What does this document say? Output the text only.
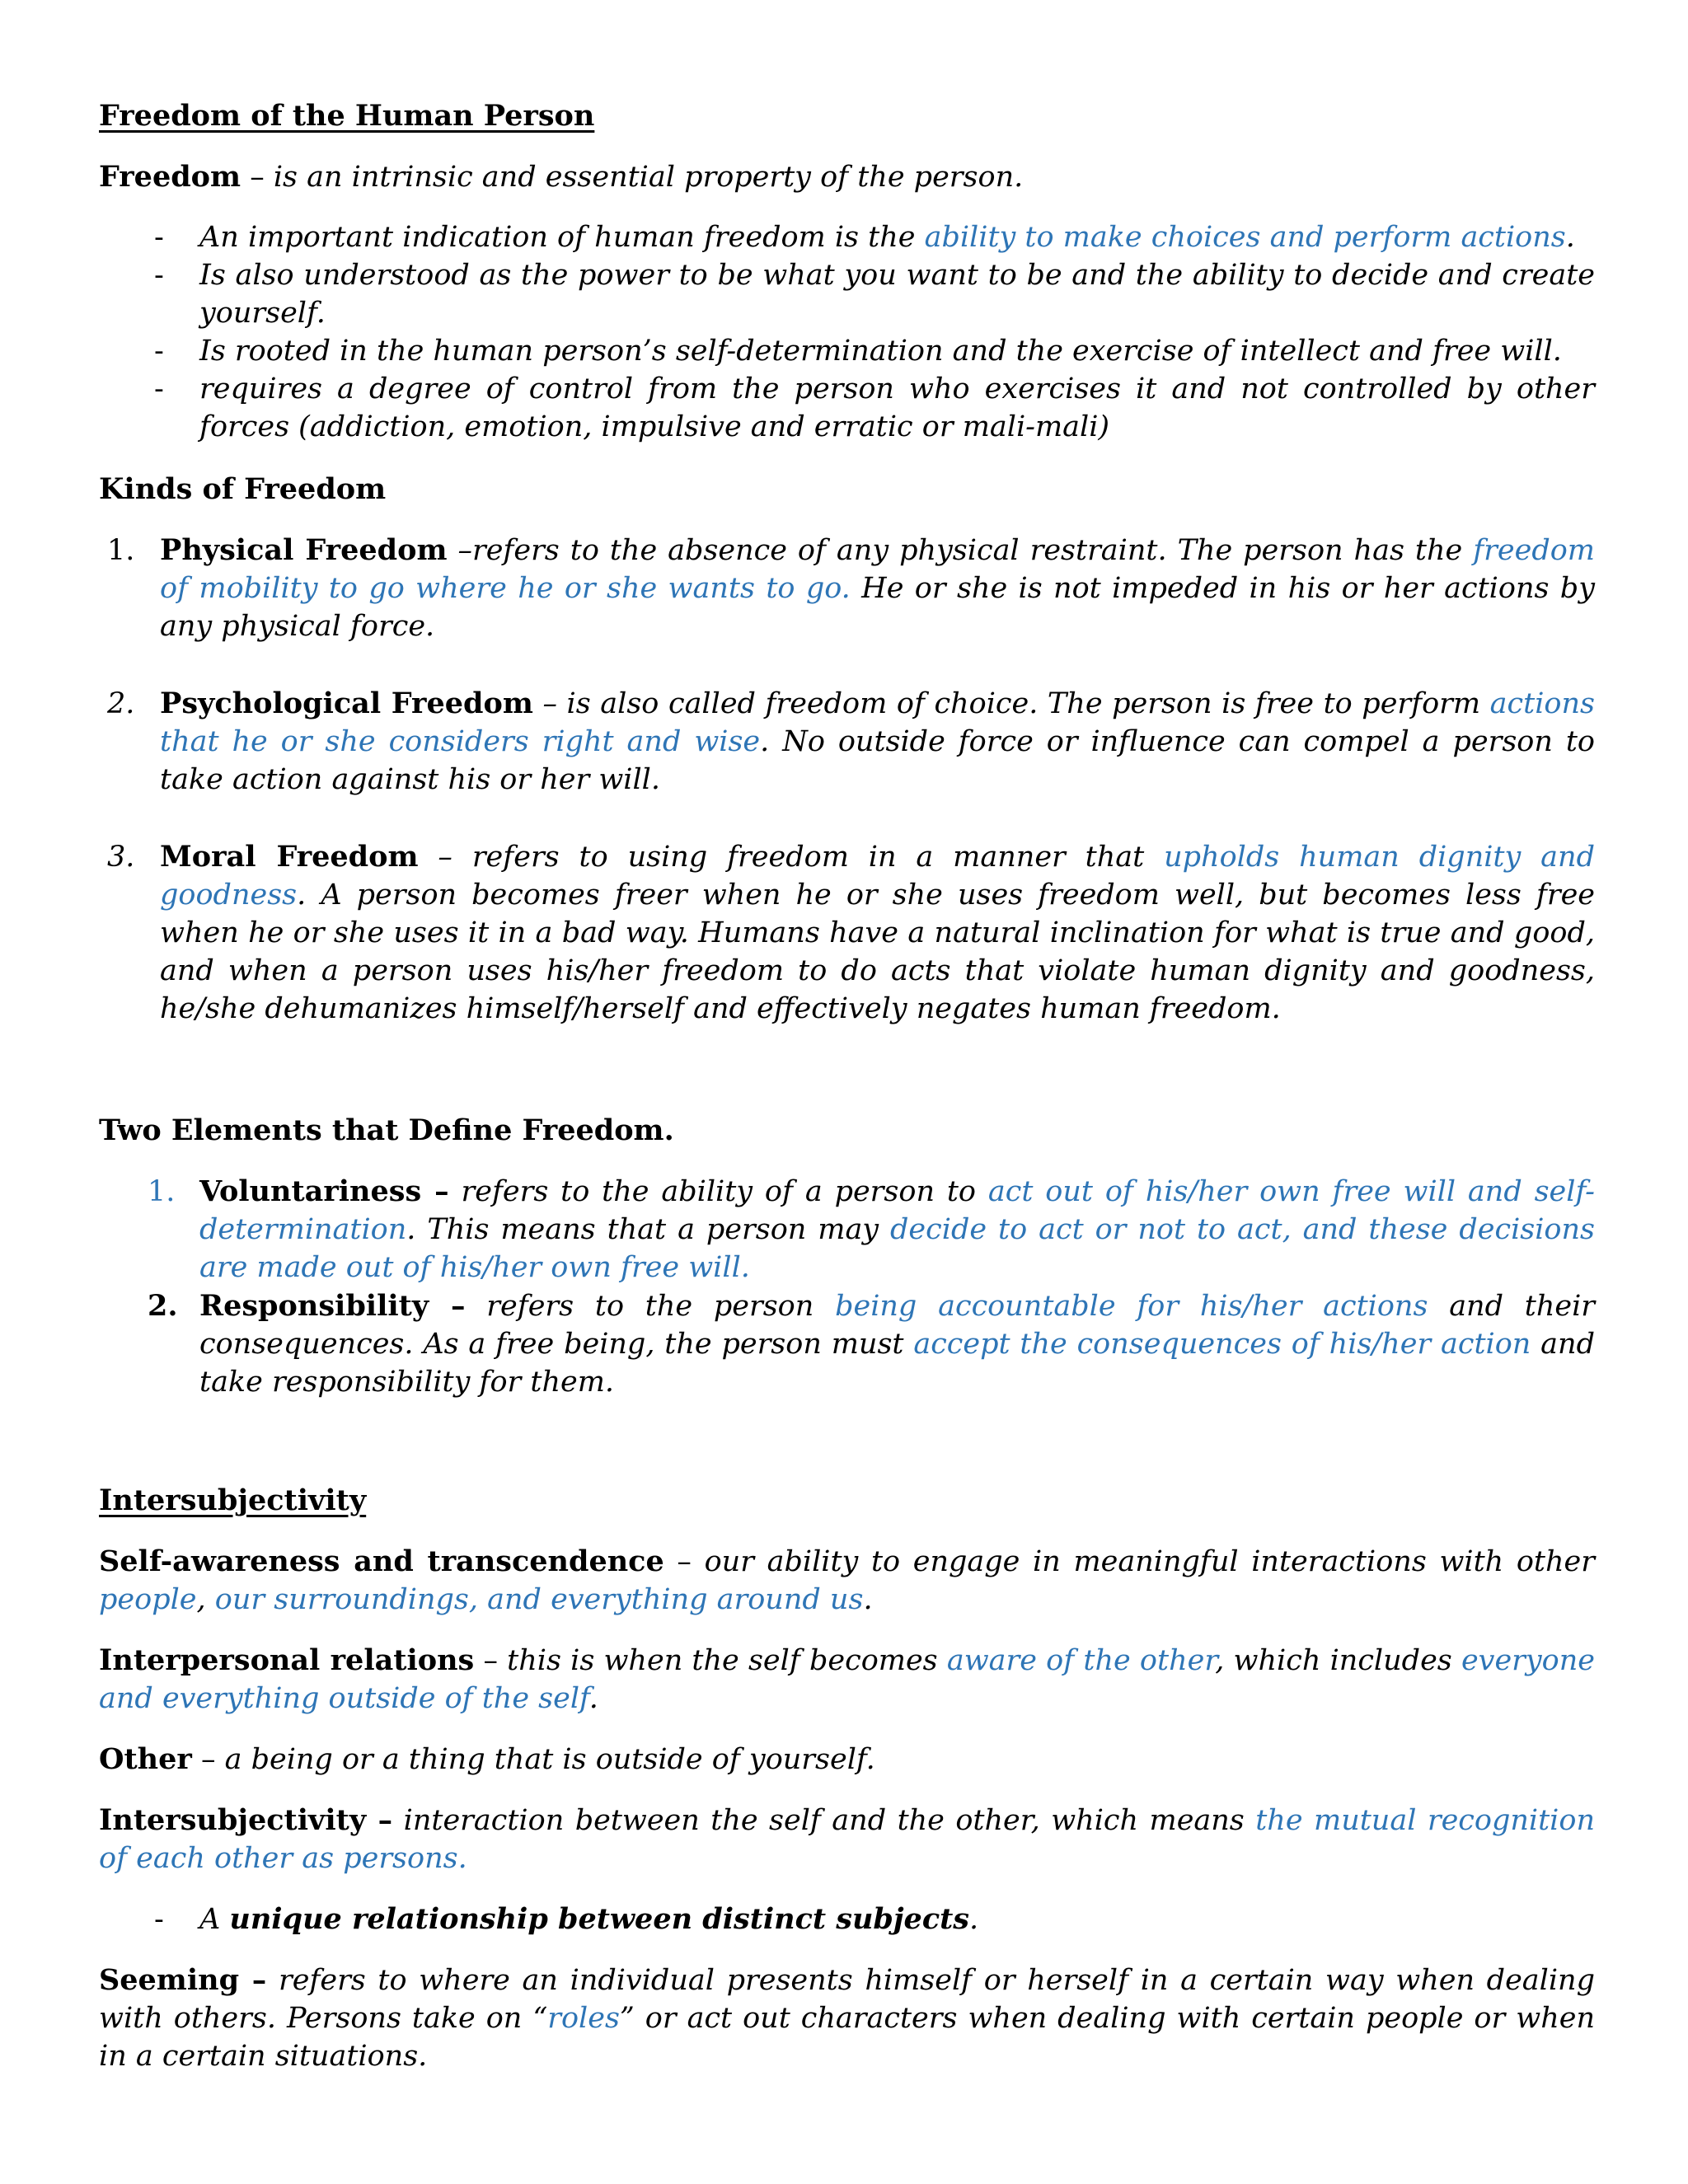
Freedom of the Human Person
Freedom – is an intrinsic and essential property of the person.
- An important indication of human freedom is the ability to make choices and perform actions.
- Is also understood as the power to be what you want to be and the ability to decide and create yourself.
- Is rooted in the human person’s self-determination and the exercise of intellect and free will.
- requires a degree of control from the person who exercises it and not controlled by other forces (addiction, emotion, impulsive and erratic or mali-mali)
Kinds of Freedom
1. Physical Freedom –refers to the absence of any physical restraint. The person has the freedom of mobility to go where he or she wants to go. He or she is not impeded in his or her actions by any physical force.
2. Psychological Freedom – is also called freedom of choice. The person is free to perform actions that he or she considers right and wise. No outside force or influence can compel a person to take action against his or her will.
3. Moral Freedom – refers to using freedom in a manner that upholds human dignity and goodness. A person becomes freer when he or she uses freedom well, but becomes less free when he or she uses it in a bad way. Humans have a natural inclination for what is true and good, and when a person uses his/her freedom to do acts that violate human dignity and goodness, he/she dehumanizes himself/herself and effectively negates human freedom.
Two Elements that Define Freedom.
1. Voluntariness – refers to the ability of a person to act out of his/her own free will and self-determination. This means that a person may decide to act or not to act, and these decisions are made out of his/her own free will.
2. Responsibility – refers to the person being accountable for his/her actions and their consequences. As a free being, the person must accept the consequences of his/her action and take responsibility for them.
Intersubjectivity
Self-awareness and transcendence – our ability to engage in meaningful interactions with other people, our surroundings, and everything around us.
Interpersonal relations – this is when the self becomes aware of the other, which includes everyone and everything outside of the self.
Other – a being or a thing that is outside of yourself.
Intersubjectivity – interaction between the self and the other, which means the mutual recognition of each other as persons.
- A unique relationship between distinct subjects.
Seeming – refers to where an individual presents himself or herself in a certain way when dealing with others. Persons take on “roles” or act out characters when dealing with certain people or when in a certain situations.
